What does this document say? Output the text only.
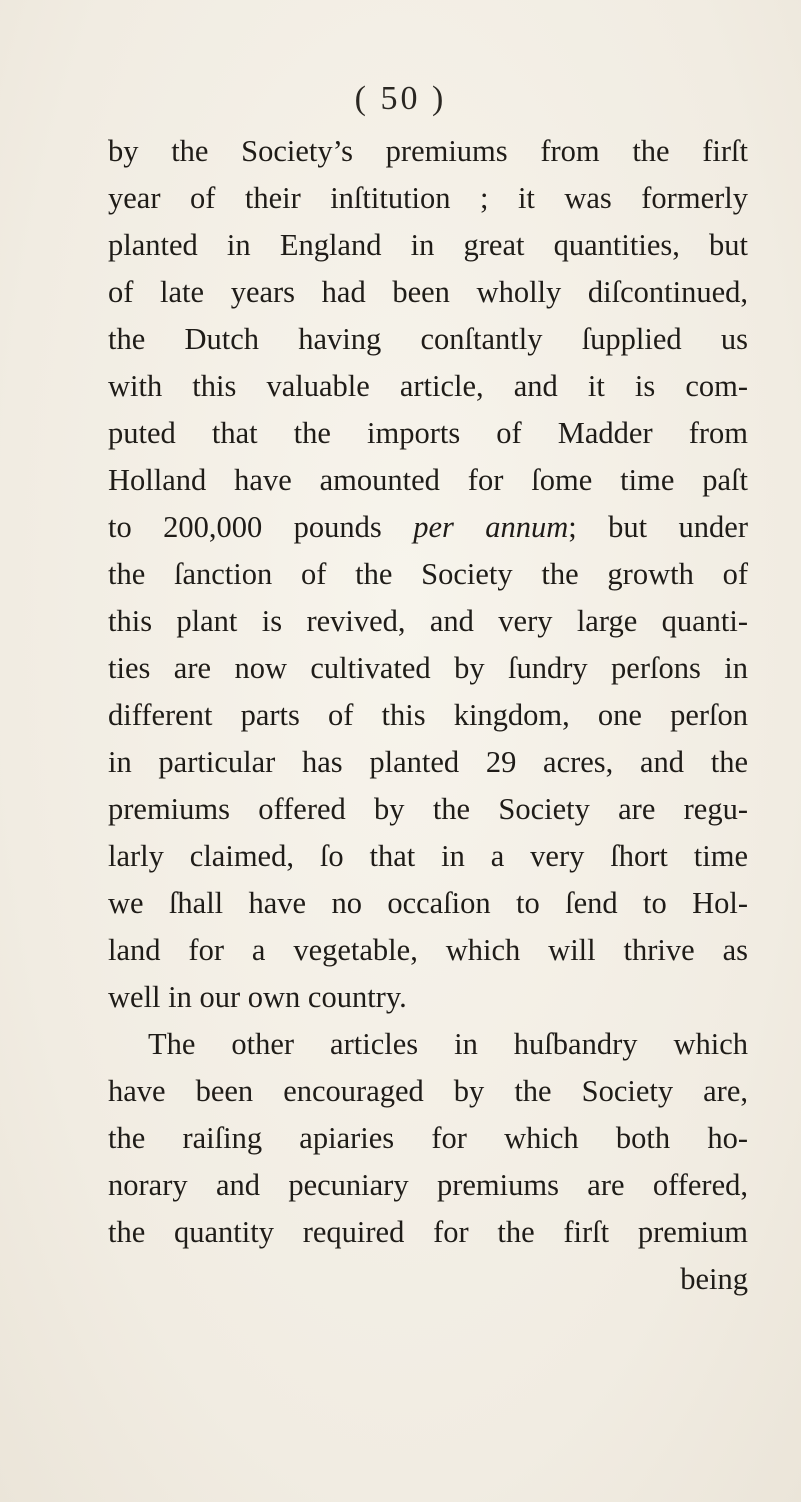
( 50 )
by the Society’s premiums from the firſt
year of their inſtitution ; it was formerly
planted in England in great quantities, but
of late years had been wholly diſcontinued,
the Dutch having conſtantly ſupplied us
with this valuable article, and it is com-
puted that the imports of Madder from
Holland have amounted for ſome time paſt
to 200,000 pounds per annum; but under
the ſanction of the Society the growth of
this plant is revived, and very large quanti-
ties are now cultivated by ſundry perſons in
different parts of this kingdom, one perſon
in particular has planted 29 acres, and the
premiums offered by the Society are regu-
larly claimed, ſo that in a very ſhort time
we ſhall have no occaſion to ſend to Hol-
land for a vegetable, which will thrive as
well in our own country.
The other articles in huſbandry which
have been encouraged by the Society are,
the raiſing apiaries for which both ho-
norary and pecuniary premiums are offered,
the quantity required for the firſt premium
being
